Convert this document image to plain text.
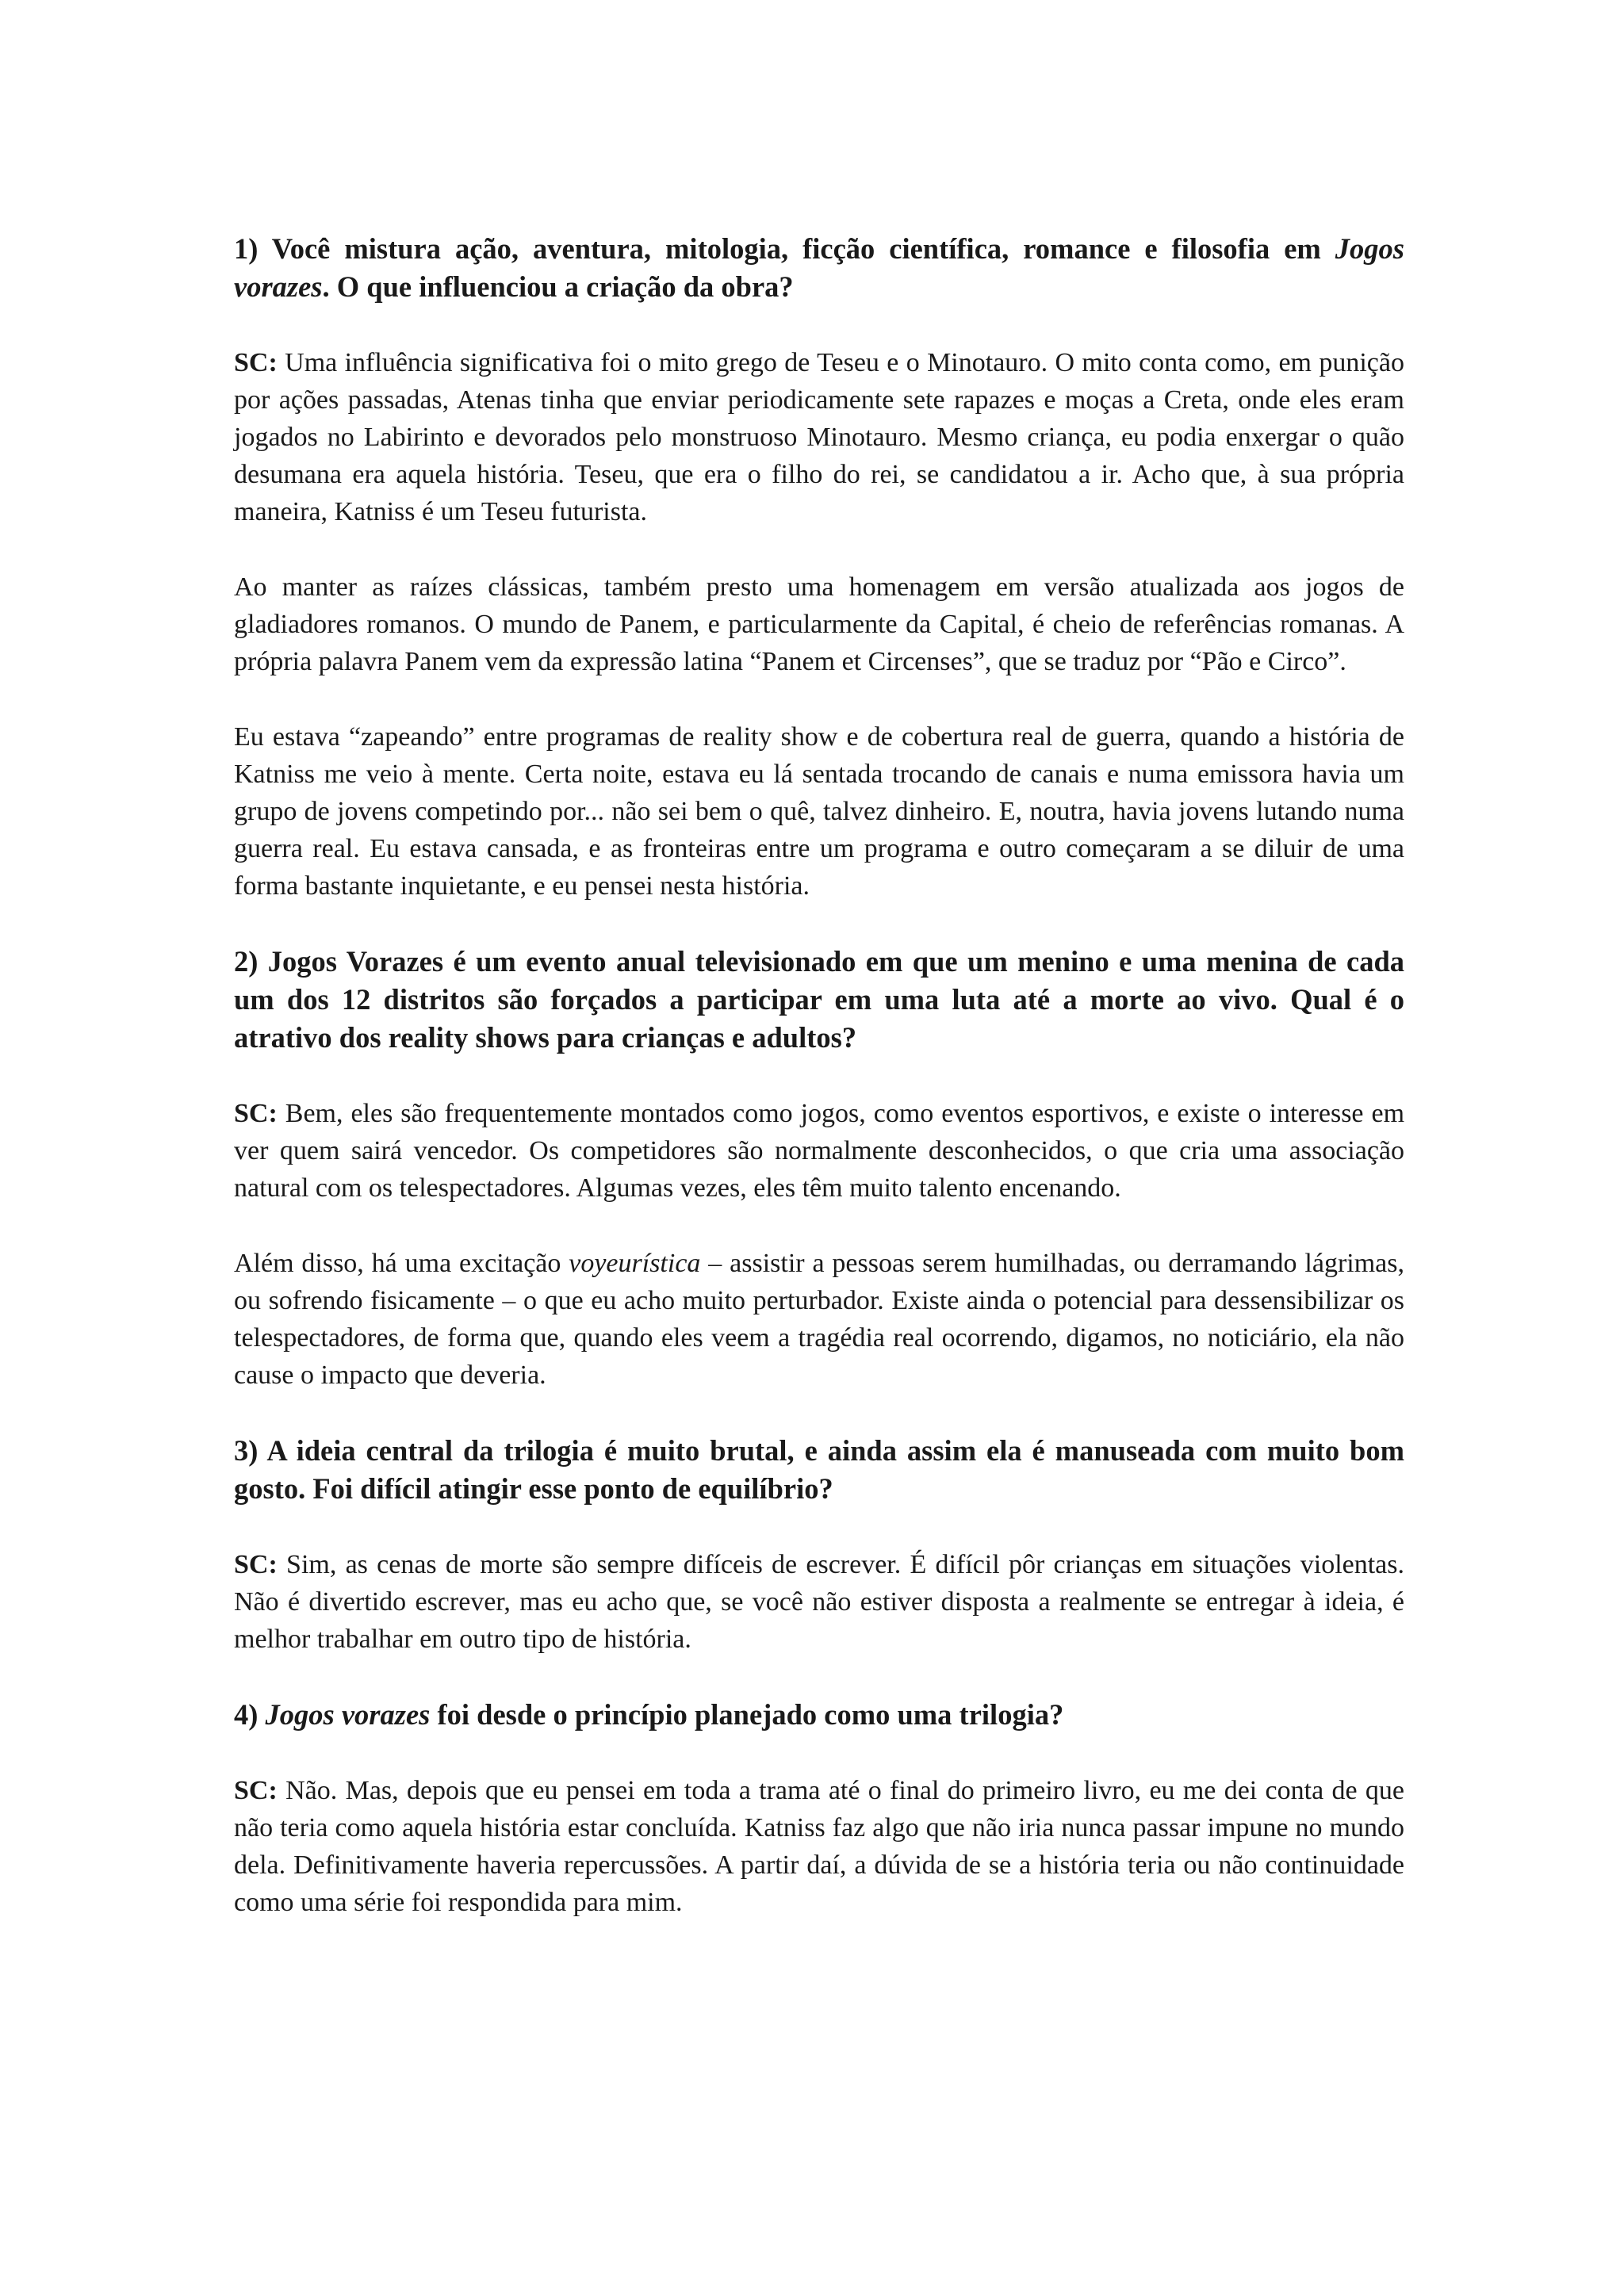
1) Você mistura ação, aventura, mitologia, ficção científica, romance e filosofia em Jogos vorazes. O que influenciou a criação da obra?

SC: Uma influência significativa foi o mito grego de Teseu e o Minotauro. O mito conta como, em punição por ações passadas, Atenas tinha que enviar periodicamente sete rapazes e moças a Creta, onde eles eram jogados no Labirinto e devorados pelo monstruoso Minotauro. Mesmo criança, eu podia enxergar o quão desumana era aquela história. Teseu, que era o filho do rei, se candidatou a ir. Acho que, à sua própria maneira, Katniss é um Teseu futurista.

Ao manter as raízes clássicas, também presto uma homenagem em versão atualizada aos jogos de gladiadores romanos. O mundo de Panem, e particularmente da Capital, é cheio de referências romanas. A própria palavra Panem vem da expressão latina “Panem et Circenses”, que se traduz por “Pão e Circo”.

Eu estava “zapeando” entre programas de reality show e de cobertura real de guerra, quando a história de Katniss me veio à mente. Certa noite, estava eu lá sentada trocando de canais e numa emissora havia um grupo de jovens competindo por... não sei bem o quê, talvez dinheiro. E, noutra, havia jovens lutando numa guerra real. Eu estava cansada, e as fronteiras entre um programa e outro começaram a se diluir de uma forma bastante inquietante, e eu pensei nesta história.

2) Jogos Vorazes é um evento anual televisionado em que um menino e uma menina de cada um dos 12 distritos são forçados a participar em uma luta até a morte ao vivo. Qual é o atrativo dos reality shows para crianças e adultos?

SC: Bem, eles são frequentemente montados como jogos, como eventos esportivos, e existe o interesse em ver quem sairá vencedor. Os competidores são normalmente desconhecidos, o que cria uma associação natural com os telespectadores. Algumas vezes, eles têm muito talento encenando.

Além disso, há uma excitação voyeurística – assistir a pessoas serem humilhadas, ou derramando lágrimas, ou sofrendo fisicamente – o que eu acho muito perturbador. Existe ainda o potencial para dessensibilizar os telespectadores, de forma que, quando eles veem a tragédia real ocorrendo, digamos, no noticiário, ela não cause o impacto que deveria.

3) A ideia central da trilogia é muito brutal, e ainda assim ela é manuseada com muito bom gosto. Foi difícil atingir esse ponto de equilíbrio?

SC: Sim, as cenas de morte são sempre difíceis de escrever. É difícil pôr crianças em situações violentas. Não é divertido escrever, mas eu acho que, se você não estiver disposta a realmente se entregar à ideia, é melhor trabalhar em outro tipo de história.

4) Jogos vorazes foi desde o princípio planejado como uma trilogia?

SC: Não. Mas, depois que eu pensei em toda a trama até o final do primeiro livro, eu me dei conta de que não teria como aquela história estar concluída. Katniss faz algo que não iria nunca passar impune no mundo dela. Definitivamente haveria repercussões. A partir daí, a dúvida de se a história teria ou não continuidade como uma série foi respondida para mim.
